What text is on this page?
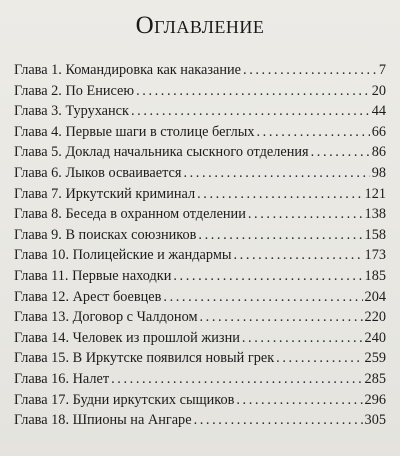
Оглавление
Глава 1. Командировка как наказание .....	7
Глава 2. По Енисею .....	20
Глава 3. Туруханск .....	44
Глава 4. Первые шаги в столице беглых .....	66
Глава 5. Доклад начальника сыскного отделения .....	86
Глава 6. Лыков осваивается .....	98
Глава 7. Иркутский криминал .....	121
Глава 8. Беседа в охранном отделении .....	138
Глава 9. В поисках союзников .....	158
Глава 10. Полицейские и жандармы .....	173
Глава 11. Первые находки .....	185
Глава 12. Арест боевцев .....	204
Глава 13. Договор с Чалдоном .....	220
Глава 14. Человек из прошлой жизни .....	240
Глава 15. В Иркутске появился новый грек .....	259
Глава 16. Налет .....	285
Глава 17. Будни иркутских сыщиков .....	296
Глава 18. Шпионы на Ангаре .....	305
